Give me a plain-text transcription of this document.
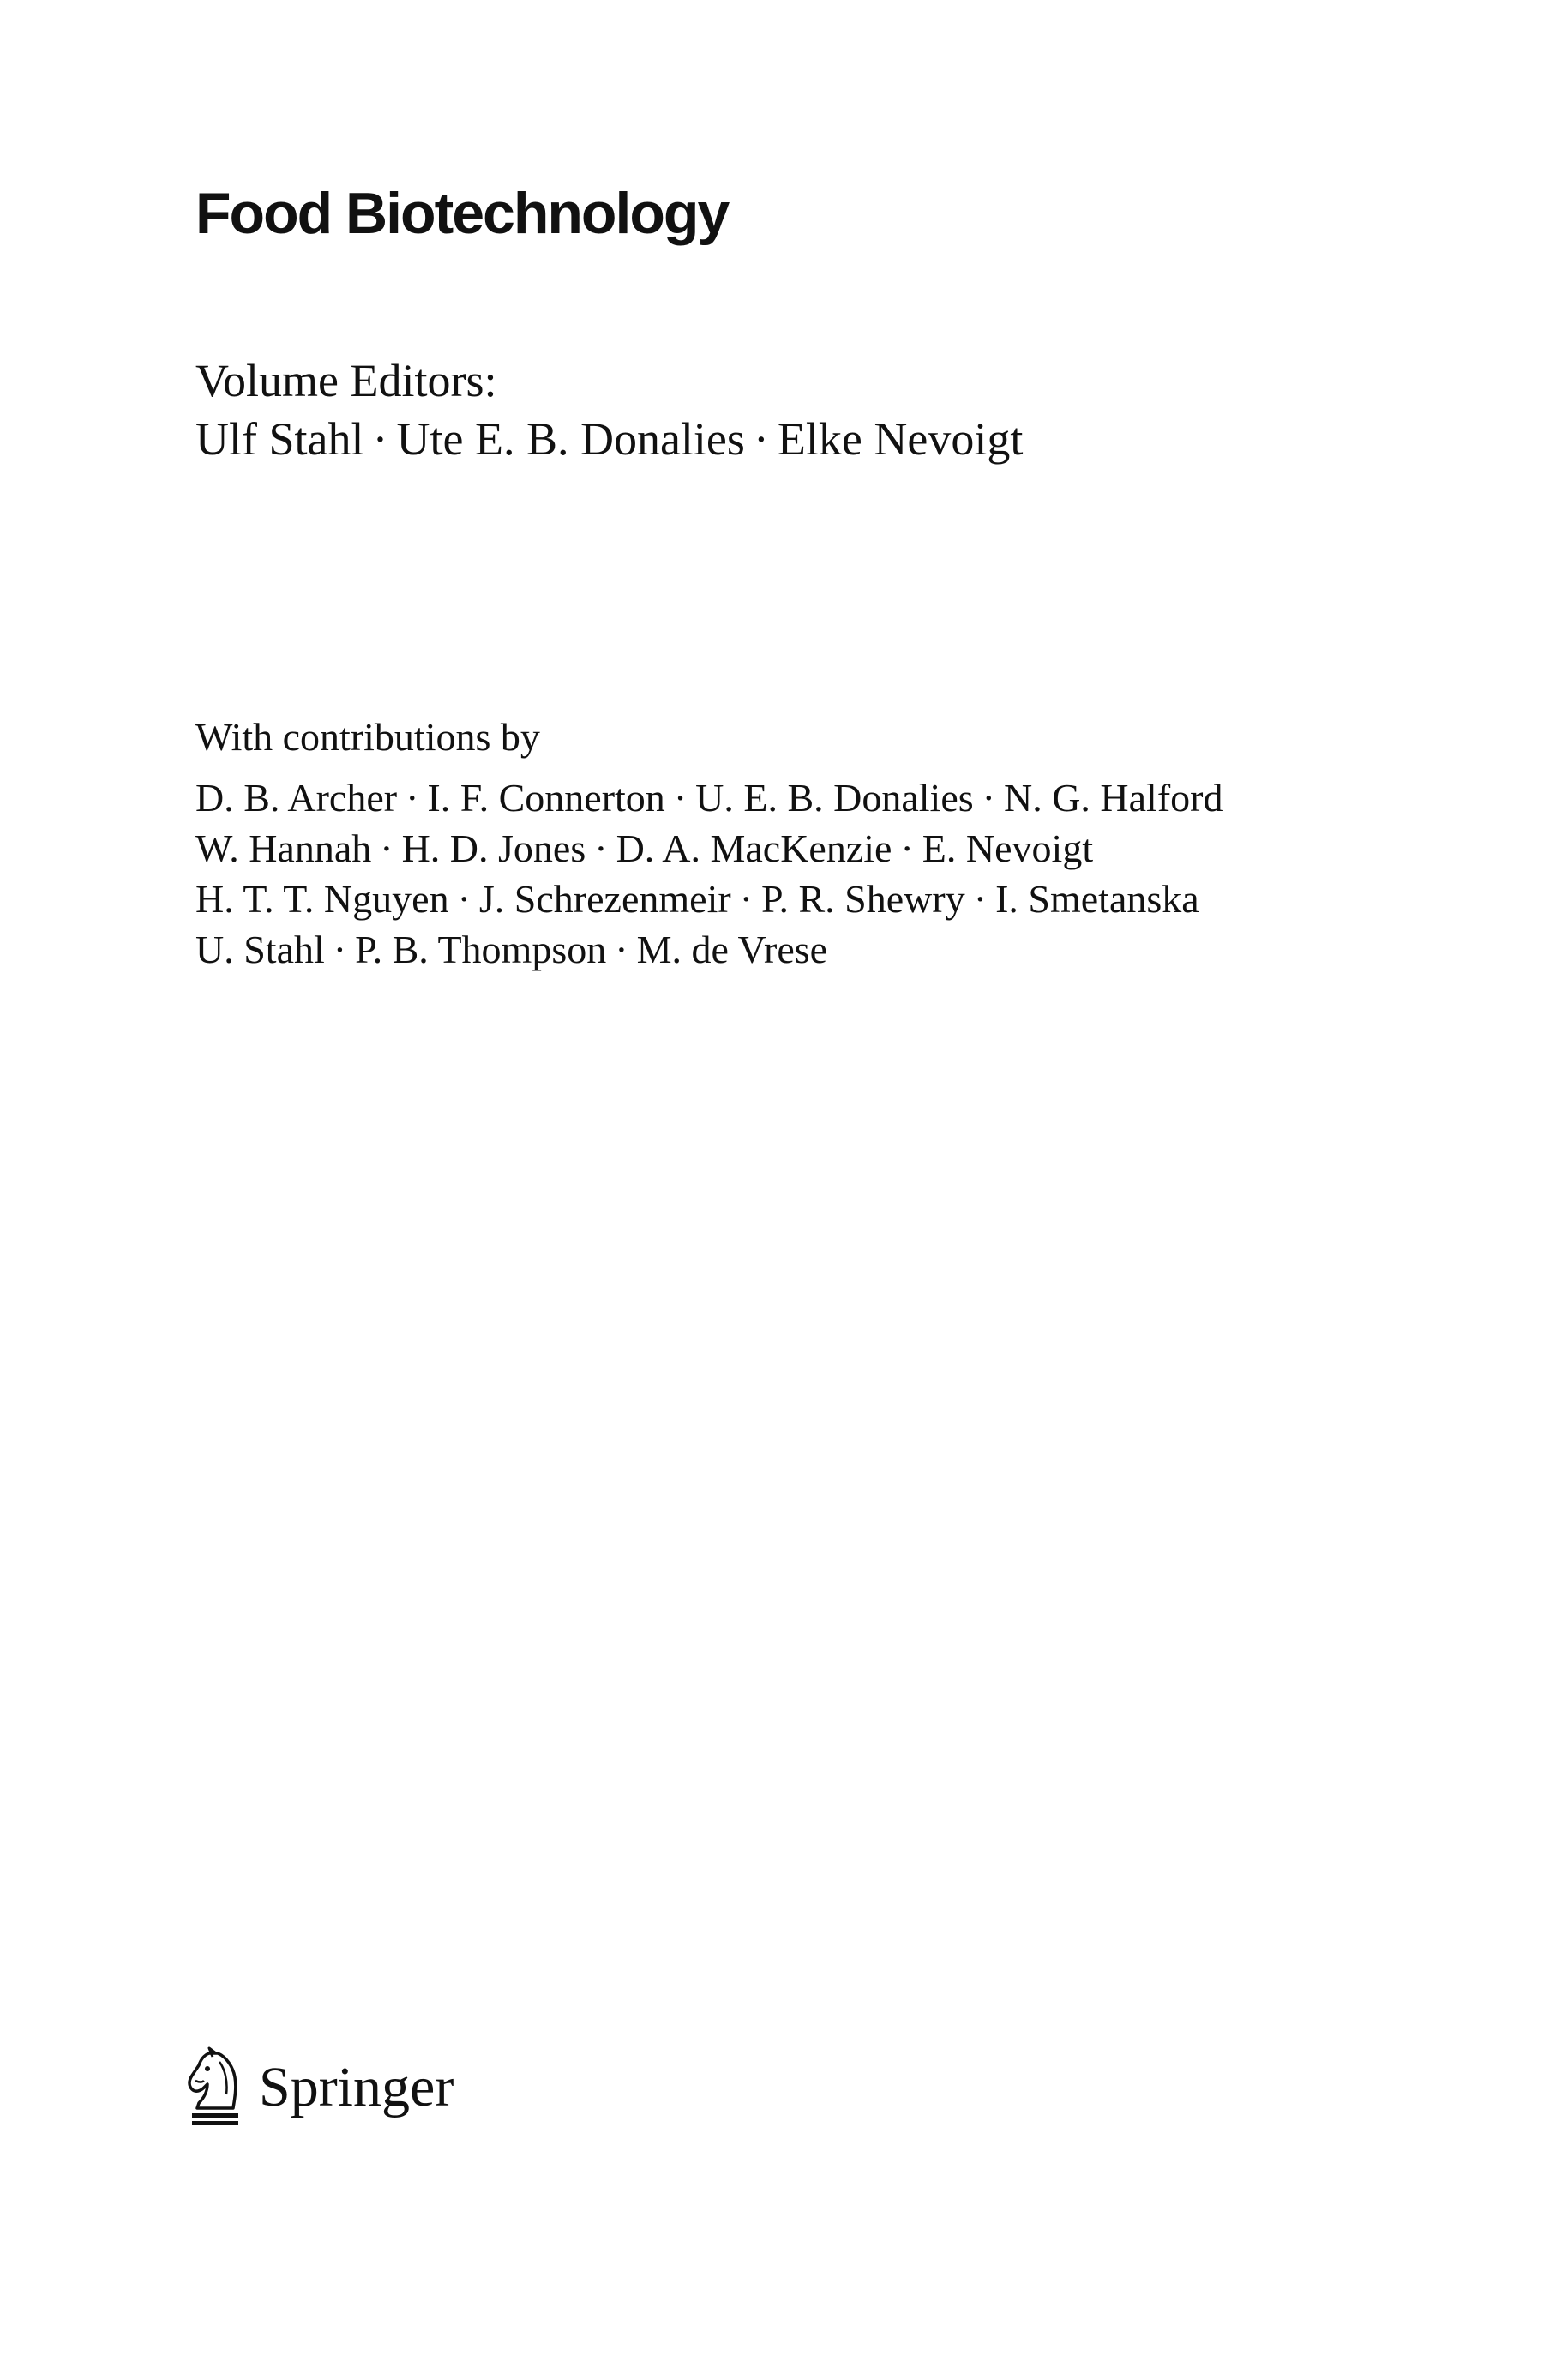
Food Biotechnology
Volume Editors:
Ulf Stahl · Ute E. B. Donalies · Elke Nevoigt
With contributions by
D. B. Archer · I. F. Connerton · U. E. B. Donalies · N. G. Halford
W. Hannah · H. D. Jones · D. A. MacKenzie · E. Nevoigt
H. T. T. Nguyen · J. Schrezenmeir · P. R. Shewry · I. Smetanska
U. Stahl · P. B. Thompson · M. de Vrese
Springer
